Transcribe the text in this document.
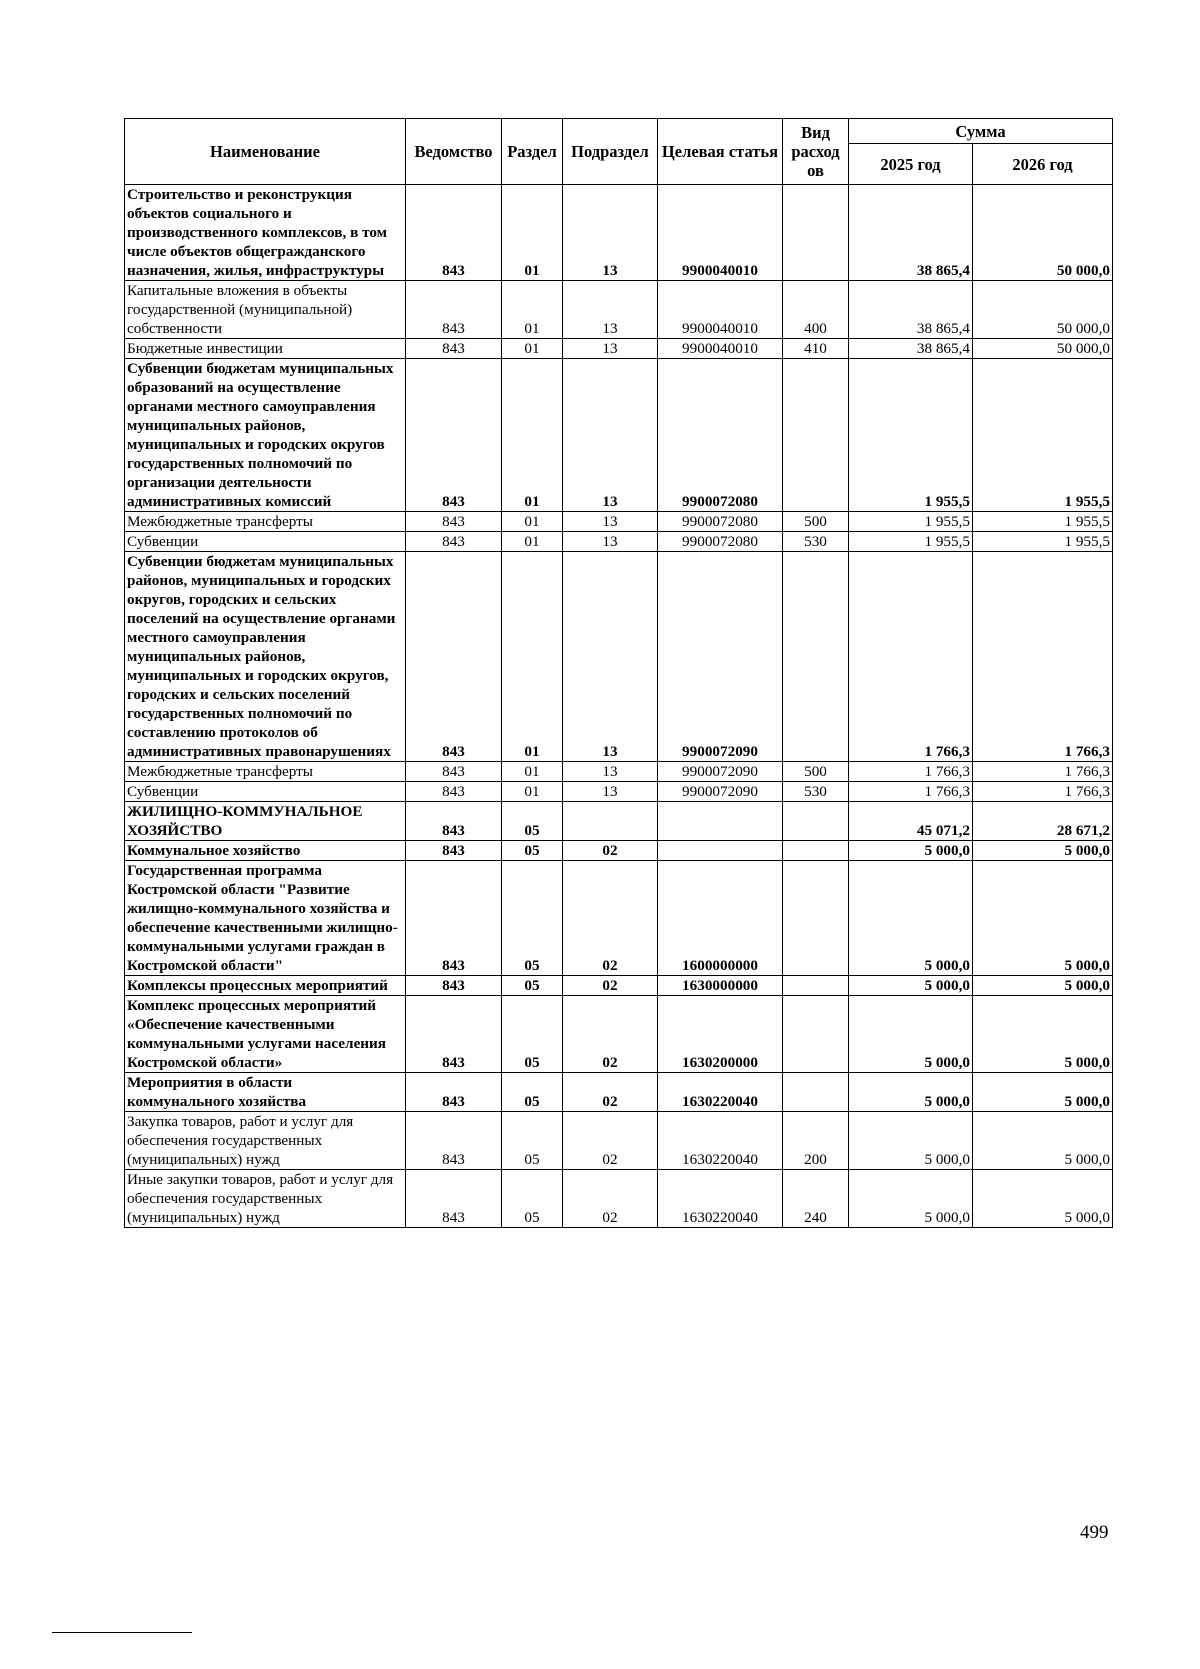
Наименование	Ведомство	Раздел	Подраздел	Целевая статья	Вид расход ов	Сумма	
						2025 год	2026 год
Строительство и реконструкция объектов социального и производственного комплексов, в том числе объектов общегражданского назначения, жилья, инфраструктуры	843	01	13	9900040010		38 865,4	50 000,0
Капитальные вложения в объекты государственной (муниципальной) собственности	843	01	13	9900040010	400	38 865,4	50 000,0
Бюджетные инвестиции	843	01	13	9900040010	410	38 865,4	50 000,0
Субвенции бюджетам муниципальных образований на осуществление органами местного самоуправления муниципальных районов, муниципальных и городских округов государственных полномочий по организации деятельности административных комиссий	843	01	13	9900072080		1 955,5	1 955,5
Межбюджетные трансферты	843	01	13	9900072080	500	1 955,5	1 955,5
Субвенции	843	01	13	9900072080	530	1 955,5	1 955,5
Субвенции бюджетам муниципальных районов, муниципальных и городских округов, городских и сельских поселений на осуществление органами местного самоуправления муниципальных районов, муниципальных и городских округов, городских и сельских поселений государственных полномочий по составлению протоколов об административных правонарушениях	843	01	13	9900072090		1 766,3	1 766,3
Межбюджетные трансферты	843	01	13	9900072090	500	1 766,3	1 766,3
Субвенции	843	01	13	9900072090	530	1 766,3	1 766,3
ЖИЛИЩНО-КОММУНАЛЬНОЕ ХОЗЯЙСТВО	843	05				45 071,2	28 671,2
Коммунальное хозяйство	843	05	02			5 000,0	5 000,0
Государственная программа Костромской области "Развитие жилищно-коммунального хозяйства и обеспечение качественными жилищно-коммунальными услугами граждан в Костромской области"	843	05	02	1600000000		5 000,0	5 000,0
Комплексы процессных мероприятий	843	05	02	1630000000		5 000,0	5 000,0
Комплекс процессных мероприятий «Обеспечение качественными коммунальными услугами населения Костромской области»	843	05	02	1630200000		5 000,0	5 000,0
Мероприятия в области коммунального хозяйства	843	05	02	1630220040		5 000,0	5 000,0
Закупка товаров, работ и услуг для обеспечения государственных (муниципальных) нужд	843	05	02	1630220040	200	5 000,0	5 000,0
Иные закупки товаров, работ и услуг для обеспечения государственных (муниципальных) нужд	843	05	02	1630220040	240	5 000,0	5 000,0
499
